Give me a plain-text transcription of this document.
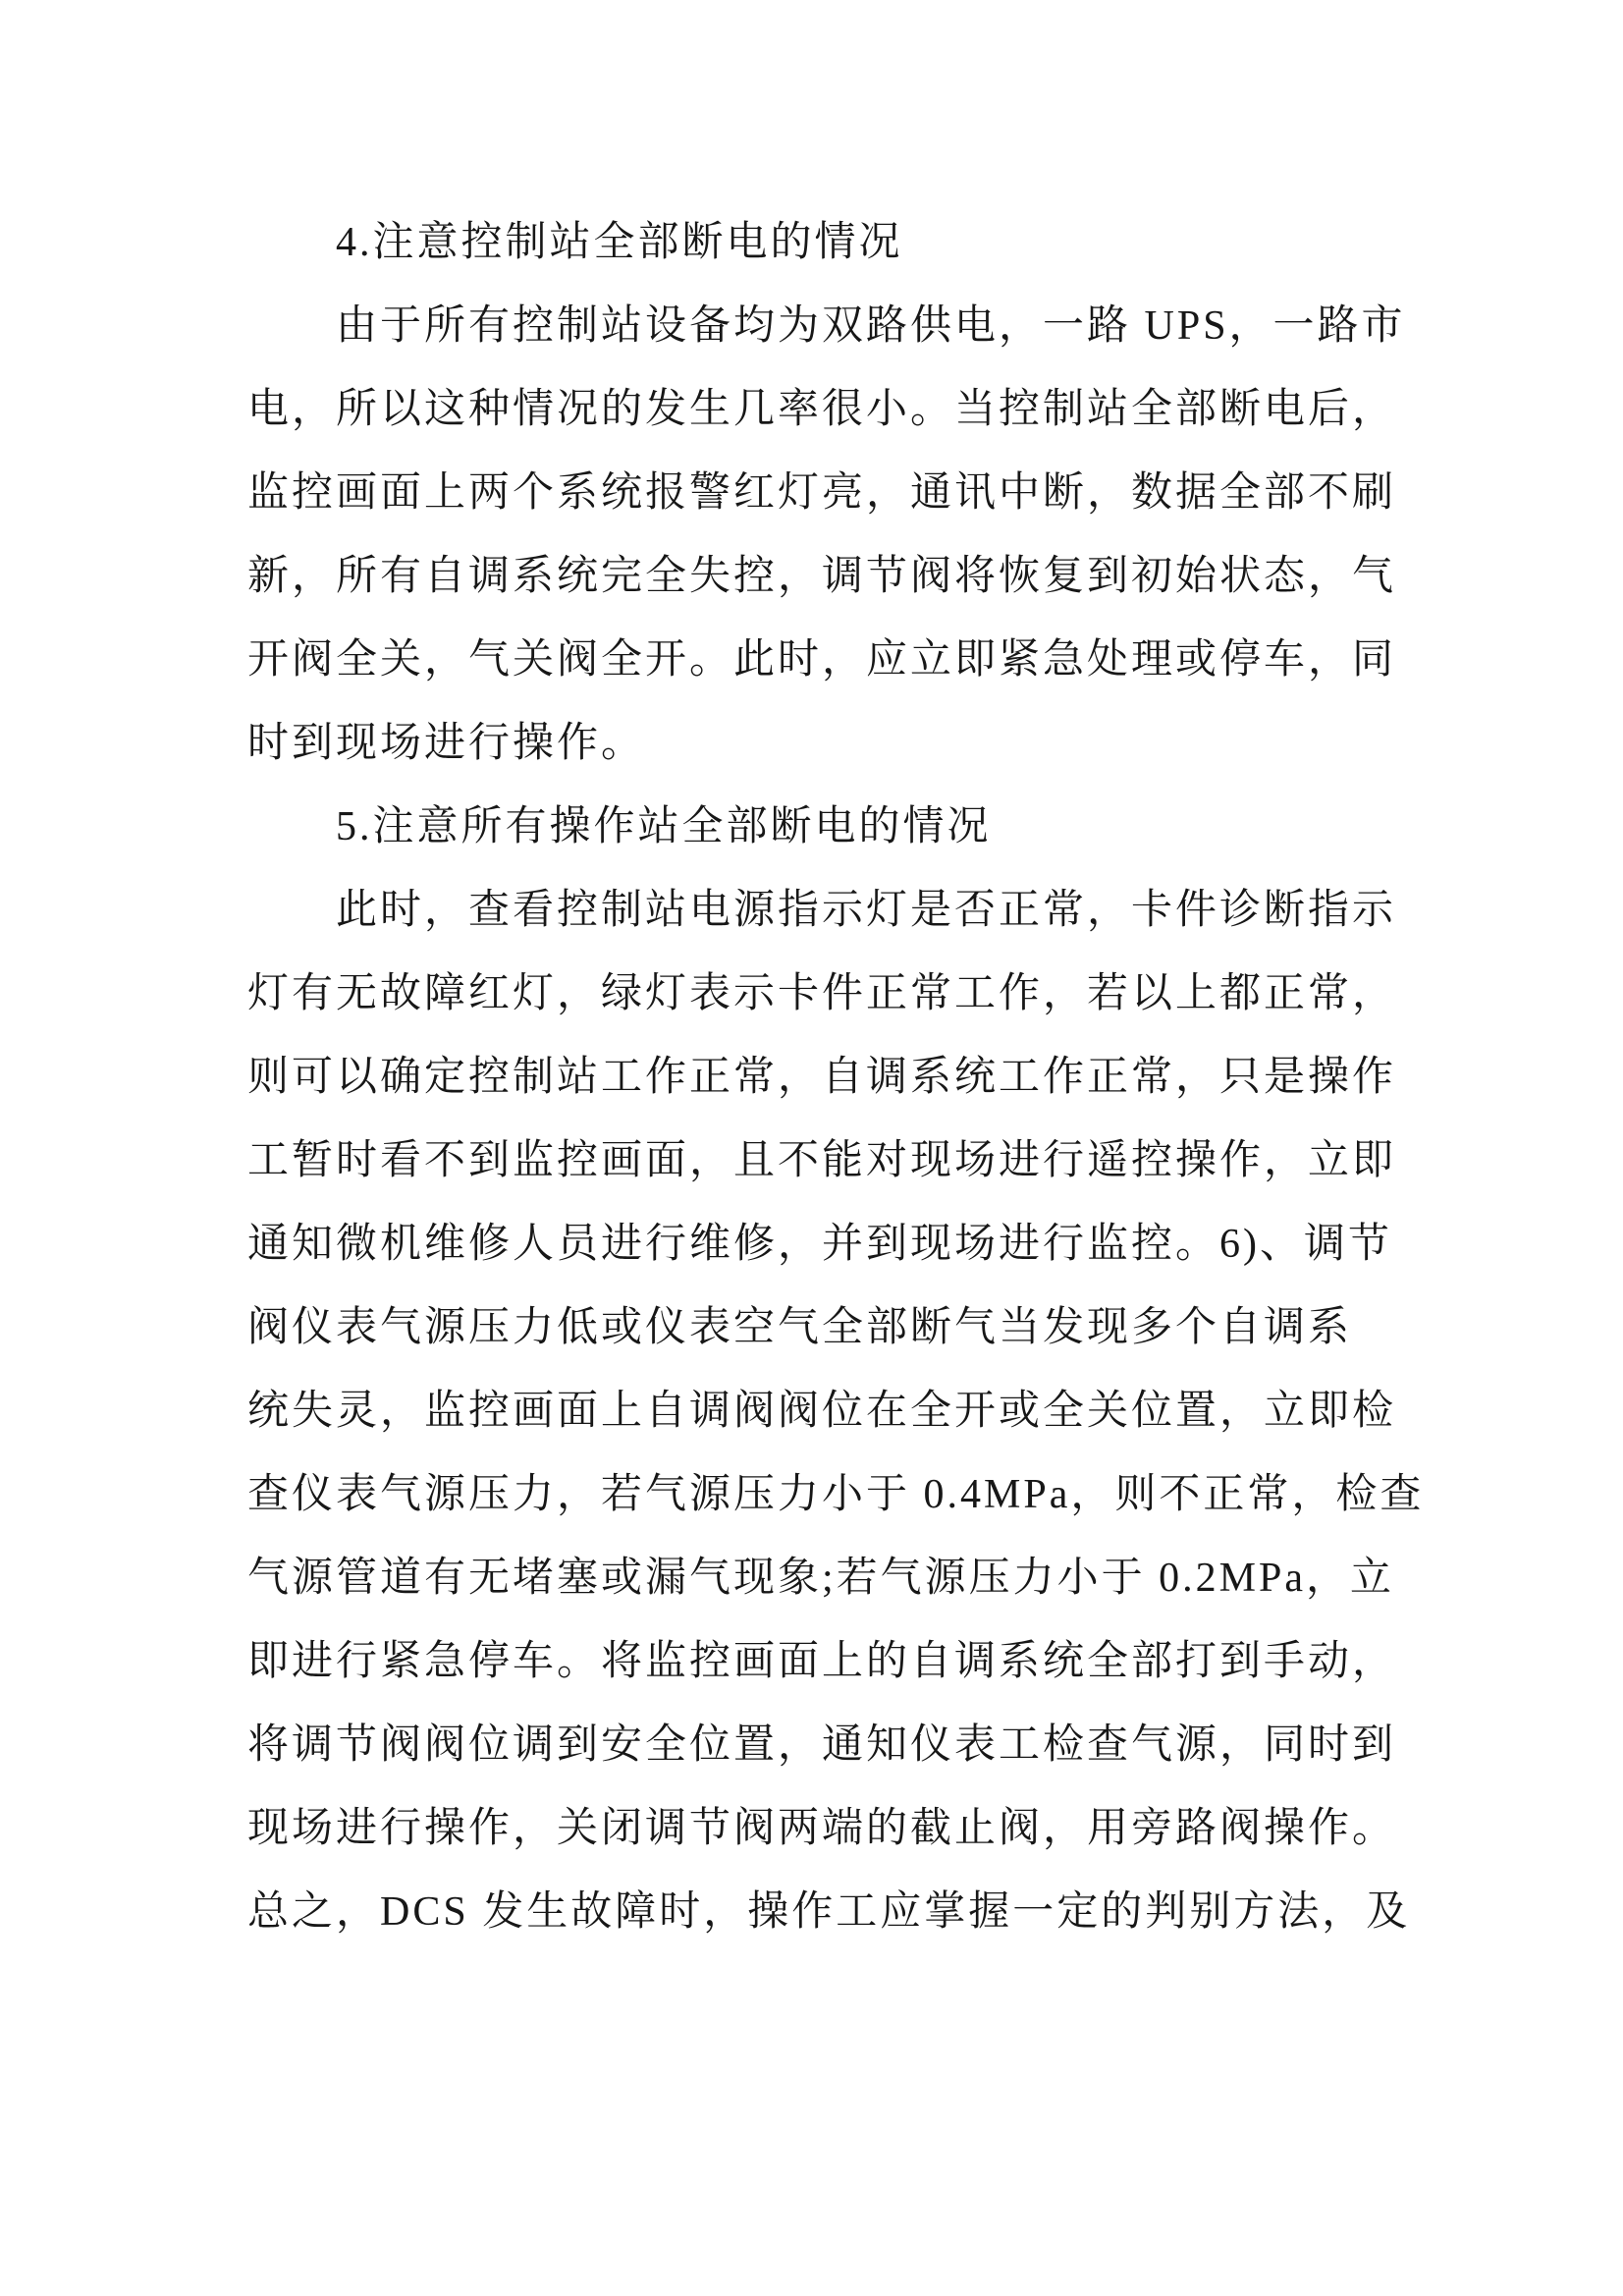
4.注意控制站全部断电的情况
由于所有控制站设备均为双路供电，一路 UPS，一路市
电，所以这种情况的发生几率很小。当控制站全部断电后，
监控画面上两个系统报警红灯亮，通讯中断，数据全部不刷
新，所有自调系统完全失控，调节阀将恢复到初始状态，气
开阀全关，气关阀全开。此时，应立即紧急处理或停车，同
时到现场进行操作。
5.注意所有操作站全部断电的情况
此时，查看控制站电源指示灯是否正常，卡件诊断指示
灯有无故障红灯，绿灯表示卡件正常工作，若以上都正常，
则可以确定控制站工作正常，自调系统工作正常，只是操作
工暂时看不到监控画面，且不能对现场进行遥控操作，立即
通知微机维修人员进行维修，并到现场进行监控。6)、调节
阀仪表气源压力低或仪表空气全部断气当发现多个自调系
统失灵，监控画面上自调阀阀位在全开或全关位置，立即检
查仪表气源压力，若气源压力小于 0.4MPa，则不正常，检查
气源管道有无堵塞或漏气现象;若气源压力小于 0.2MPa，立
即进行紧急停车。将监控画面上的自调系统全部打到手动，
将调节阀阀位调到安全位置，通知仪表工检查气源，同时到
现场进行操作，关闭调节阀两端的截止阀，用旁路阀操作。
总之，DCS 发生故障时，操作工应掌握一定的判别方法，及
